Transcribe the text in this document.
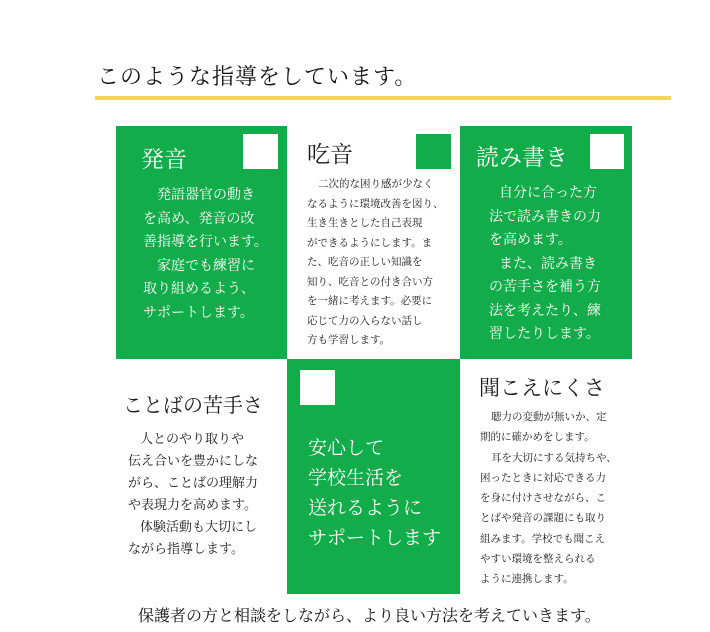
このような指導をしています。
発音
発語器官の動き
を高め、発音の改
善指導を行います。
家庭でも練習に
取り組めるよう、
サポートします。
吃音
二次的な困り感が少なく
なるように環境改善を図り、
生き生きとした自己表現
ができるようにします。ま
た、吃音の正しい知識を
知り、吃音との付き合い方
を一緒に考えます。必要に
応じて力の入らない話し
方も学習します。
読み書き
自分に合った方
法で読み書きの力
を高めます。
また、読み書き
の苦手さを補う方
法を考えたり、練
習したりします。
ことばの苦手さ
人とのやり取りや
伝え合いを豊かにしな
がら、ことばの理解力
や表現力を高めます。
体験活動も大切にし
ながら指導します。
安心して
学校生活を
送れるように
サポートします
聞こえにくさ
聴力の変動が無いか、定
期的に確かめをします。
耳を大切にする気持ちや、
困ったときに対応できる力
を身に付けさせながら、こ
とばや発音の課題にも取り
組みます。学校でも聞こえ
やすい環境を整えられる
ように連携します。
保護者の方と相談をしながら、より良い方法を考えていきます。
